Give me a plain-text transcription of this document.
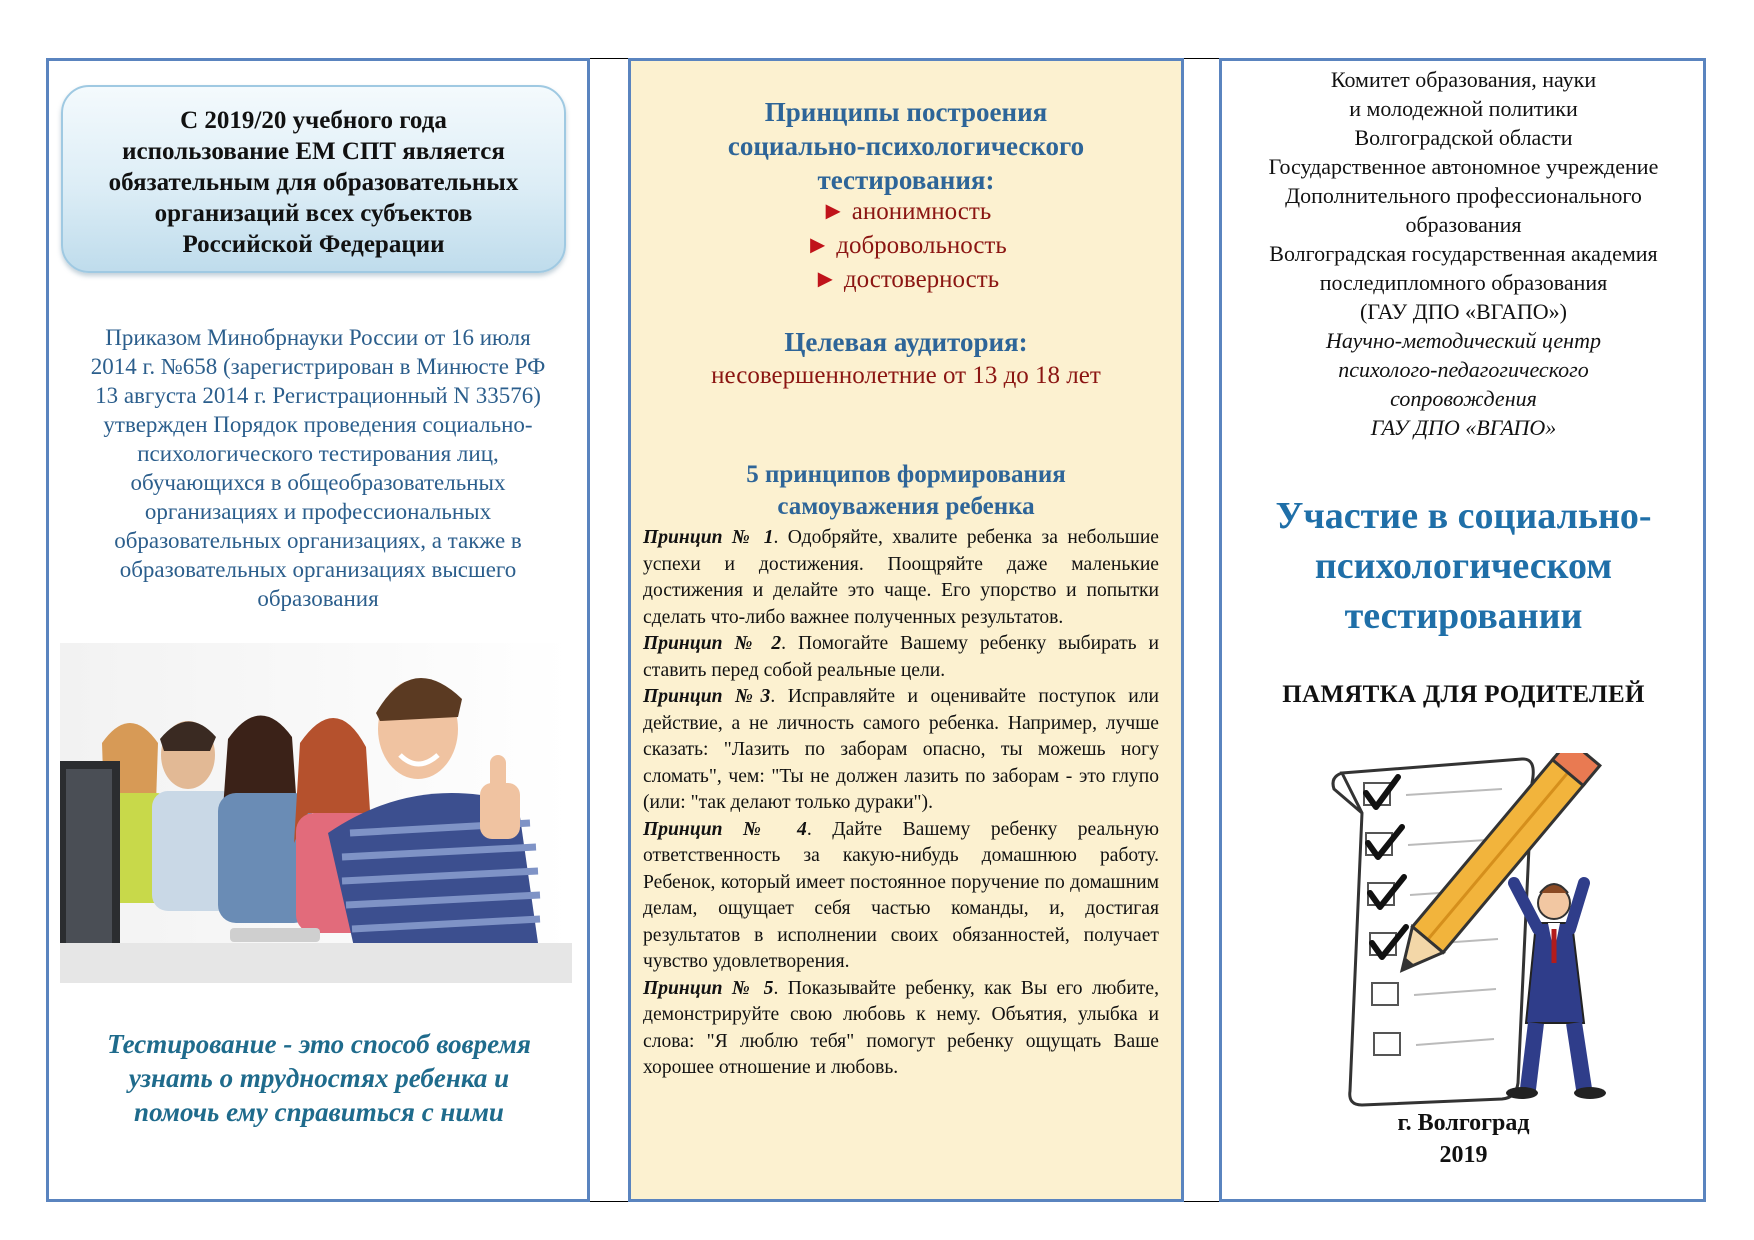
С 2019/20 учебного года
использование ЕМ СПТ является
обязательным для образовательных
организаций всех субъектов
Российской Федерации
Приказом Минобрнауки России от 16 июля
2014 г. №658 (зарегистрирован в Минюсте РФ
13 августа 2014 г. Регистрационный N 33576)
утвержден Порядок проведения социально-
психологического тестирования лиц,
обучающихся в общеобразовательных
организациях и профессиональных
образовательных организациях, а также в
образовательных организациях высшего
образования
Тестирование - это способ вовремя
узнать о трудностях ребенка и
помочь ему справиться с ними
Принципы построения
социально-психологического
тестирования:
► анонимность
► добровольность
► достоверность
Целевая аудитория:
несовершеннолетние от 13 до 18 лет
5 принципов формирования
самоуважения ребенка
Принцип № 1. Одобряйте, хвалите ребенка за небольшие успехи и достижения. Поощряйте даже маленькие достижения и делайте это чаще. Его упорство и попытки сделать что-либо важнее полученных результатов.
Принцип № 2. Помогайте Вашему ребенку выбирать и ставить перед собой реальные цели.
Принцип №3. Исправляйте и оценивайте поступок или действие, а не личность самого ребенка. Например, лучше сказать: "Лазить по заборам опасно, ты можешь ногу сломать", чем: "Ты не должен лазить по заборам - это глупо (или: "так делают только дураки").
Принцип № 4. Дайте Вашему ребенку реальную ответственность за какую-нибудь домашнюю работу. Ребенок, который имеет постоянное поручение по домашним делам, ощущает себя частью команды, и, достигая результатов в исполнении своих обязанностей, получает чувство удовлетворения.
Принцип № 5. Показывайте ребенку, как Вы его любите, демонстрируйте свою любовь к нему. Объятия, улыбка и слова: "Я люблю тебя" помогут ребенку ощущать Ваше хорошее отношение и любовь.
Комитет образования, науки
и молодежной политики
Волгоградской области
Государственное автономное учреждение
Дополнительного профессионального
образования
Волгоградская государственная академия
последипломного образования
(ГАУ ДПО «ВГАПО»)
Научно-методический центр
психолого-педагогического
сопровождения
ГАУ ДПО «ВГАПО»
Участие в социально-
психологическом
тестировании
ПАМЯТКА ДЛЯ РОДИТЕЛЕЙ
г. Волгоград
2019
